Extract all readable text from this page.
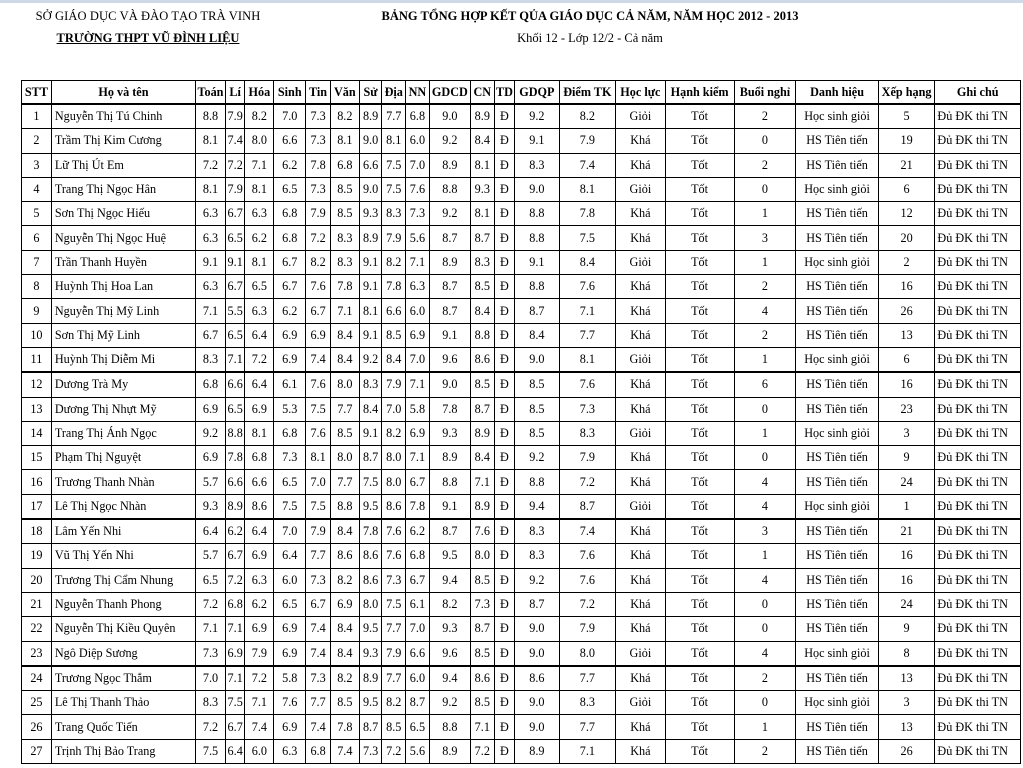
SỞ GIÁO DỤC VÀ ĐÀO TẠO TRÀ VINH
TRƯỜNG THPT VŨ ĐÌNH LIỆU
BẢNG TỔNG HỢP KẾT QỦA GIÁO DỤC CẢ NĂM, NĂM HỌC 2012 - 2013
Khối 12 - Lớp 12/2 - Cả năm
STT	Họ và tên	Toán	Lí	Hóa	Sinh	Tin	Văn	Sử	Địa	NN	GDCD	CN	TD	GDQP	Điểm TK	Học lực	Hạnh kiểm	Buổi nghỉ	Danh hiệu	Xếp hạng	Ghi chú
1	Nguyễn Thị Tú Chinh	8.8	7.9	8.2	7.0	7.3	8.2	8.9	7.7	6.8	9.0	8.9	Đ	9.2	8.2	Giỏi	Tốt	2	Học sinh giỏi	5	Đủ ĐK thi TN
2	Trầm Thị Kim Cương	8.1	7.4	8.0	6.6	7.3	8.1	9.0	8.1	6.0	9.2	8.4	Đ	9.1	7.9	Khá	Tốt	0	HS Tiên tiến	19	Đủ ĐK thi TN
3	Lữ Thị Út Em	7.2	7.2	7.1	6.2	7.8	6.8	6.6	7.5	7.0	8.9	8.1	Đ	8.3	7.4	Khá	Tốt	2	HS Tiên tiến	21	Đủ ĐK thi TN
4	Trang Thị Ngọc Hân	8.1	7.9	8.1	6.5	7.3	8.5	9.0	7.5	7.6	8.8	9.3	Đ	9.0	8.1	Giỏi	Tốt	0	Học sinh giỏi	6	Đủ ĐK thi TN
5	Sơn Thị Ngọc Hiếu	6.3	6.7	6.3	6.8	7.9	8.5	9.3	8.3	7.3	9.2	8.1	Đ	8.8	7.8	Khá	Tốt	1	HS Tiên tiến	12	Đủ ĐK thi TN
6	Nguyễn Thị Ngọc Huệ	6.3	6.5	6.2	6.8	7.2	8.3	8.9	7.9	5.6	8.7	8.7	Đ	8.8	7.5	Khá	Tốt	3	HS Tiên tiến	20	Đủ ĐK thi TN
7	Trần Thanh Huyền	9.1	9.1	8.1	6.7	8.2	8.3	9.1	8.2	7.1	8.9	8.3	Đ	9.1	8.4	Giỏi	Tốt	1	Học sinh giỏi	2	Đủ ĐK thi TN
8	Huỳnh Thị Hoa Lan	6.3	6.7	6.5	6.7	7.6	7.8	9.1	7.8	6.3	8.7	8.5	Đ	8.8	7.6	Khá	Tốt	2	HS Tiên tiến	16	Đủ ĐK thi TN
9	Nguyễn Thị Mỹ Linh	7.1	5.5	6.3	6.2	6.7	7.1	8.1	6.6	6.0	8.7	8.4	Đ	8.7	7.1	Khá	Tốt	4	HS Tiên tiến	26	Đủ ĐK thi TN
10	Sơn Thị Mỹ Linh	6.7	6.5	6.4	6.9	6.9	8.4	9.1	8.5	6.9	9.1	8.8	Đ	8.4	7.7	Khá	Tốt	2	HS Tiên tiến	13	Đủ ĐK thi TN
11	Huỳnh Thị Diễm Mi	8.3	7.1	7.2	6.9	7.4	8.4	9.2	8.4	7.0	9.6	8.6	Đ	9.0	8.1	Giỏi	Tốt	1	Học sinh giỏi	6	Đủ ĐK thi TN
12	Dương Trà My	6.8	6.6	6.4	6.1	7.6	8.0	8.3	7.9	7.1	9.0	8.5	Đ	8.5	7.6	Khá	Tốt	6	HS Tiên tiến	16	Đủ ĐK thi TN
13	Dương Thị Nhựt Mỹ	6.9	6.5	6.9	5.3	7.5	7.7	8.4	7.0	5.8	7.8	8.7	Đ	8.5	7.3	Khá	Tốt	0	HS Tiên tiến	23	Đủ ĐK thi TN
14	Trang Thị Ánh Ngọc	9.2	8.8	8.1	6.8	7.6	8.5	9.1	8.2	6.9	9.3	8.9	Đ	8.5	8.3	Giỏi	Tốt	1	Học sinh giỏi	3	Đủ ĐK thi TN
15	Phạm Thị Nguyệt	6.9	7.8	6.8	7.3	8.1	8.0	8.7	8.0	7.1	8.9	8.4	Đ	9.2	7.9	Khá	Tốt	0	HS Tiên tiến	9	Đủ ĐK thi TN
16	Trương Thanh Nhàn	5.7	6.6	6.6	6.5	7.0	7.7	7.5	8.0	6.7	8.8	7.1	Đ	8.8	7.2	Khá	Tốt	4	HS Tiên tiến	24	Đủ ĐK thi TN
17	Lê Thị Ngọc Nhàn	9.3	8.9	8.6	7.5	7.5	8.8	9.5	8.6	7.8	9.1	8.9	Đ	9.4	8.7	Giỏi	Tốt	4	Học sinh giỏi	1	Đủ ĐK thi TN
18	Lâm Yến Nhi	6.4	6.2	6.4	7.0	7.9	8.4	7.8	7.6	6.2	8.7	7.6	Đ	8.3	7.4	Khá	Tốt	3	HS Tiên tiến	21	Đủ ĐK thi TN
19	Vũ Thị Yến Nhi	5.7	6.7	6.9	6.4	7.7	8.6	8.6	7.6	6.8	9.5	8.0	Đ	8.3	7.6	Khá	Tốt	1	HS Tiên tiến	16	Đủ ĐK thi TN
20	Trương Thị Cẩm Nhung	6.5	7.2	6.3	6.0	7.3	8.2	8.6	7.3	6.7	9.4	8.5	Đ	9.2	7.6	Khá	Tốt	4	HS Tiên tiến	16	Đủ ĐK thi TN
21	Nguyễn Thanh Phong	7.2	6.8	6.2	6.5	6.7	6.9	8.0	7.5	6.1	8.2	7.3	Đ	8.7	7.2	Khá	Tốt	0	HS Tiên tiến	24	Đủ ĐK thi TN
22	Nguyễn Thị Kiều Quyên	7.1	7.1	6.9	6.9	7.4	8.4	9.5	7.7	7.0	9.3	8.7	Đ	9.0	7.9	Khá	Tốt	0	HS Tiên tiến	9	Đủ ĐK thi TN
23	Ngô Diệp Sương	7.3	6.9	7.9	6.9	7.4	8.4	9.3	7.9	6.6	9.6	8.5	Đ	9.0	8.0	Giỏi	Tốt	4	Học sinh giỏi	8	Đủ ĐK thi TN
24	Trương Ngọc Thắm	7.0	7.1	7.2	5.8	7.3	8.2	8.9	7.7	6.0	9.4	8.6	Đ	8.6	7.7	Khá	Tốt	2	HS Tiên tiến	13	Đủ ĐK thi TN
25	Lê Thị Thanh Thảo	8.3	7.5	7.1	7.6	7.7	8.5	9.5	8.2	8.7	9.2	8.5	Đ	9.0	8.3	Giỏi	Tốt	0	Học sinh giỏi	3	Đủ ĐK thi TN
26	Trang Quốc Tiến	7.2	6.7	7.4	6.9	7.4	7.8	8.7	8.5	6.5	8.8	7.1	Đ	9.0	7.7	Khá	Tốt	1	HS Tiên tiến	13	Đủ ĐK thi TN
27	Trịnh Thị Bảo Trang	7.5	6.4	6.0	6.3	6.8	7.4	7.3	7.2	5.6	8.9	7.2	Đ	8.9	7.1	Khá	Tốt	2	HS Tiên tiến	26	Đủ ĐK thi TN
